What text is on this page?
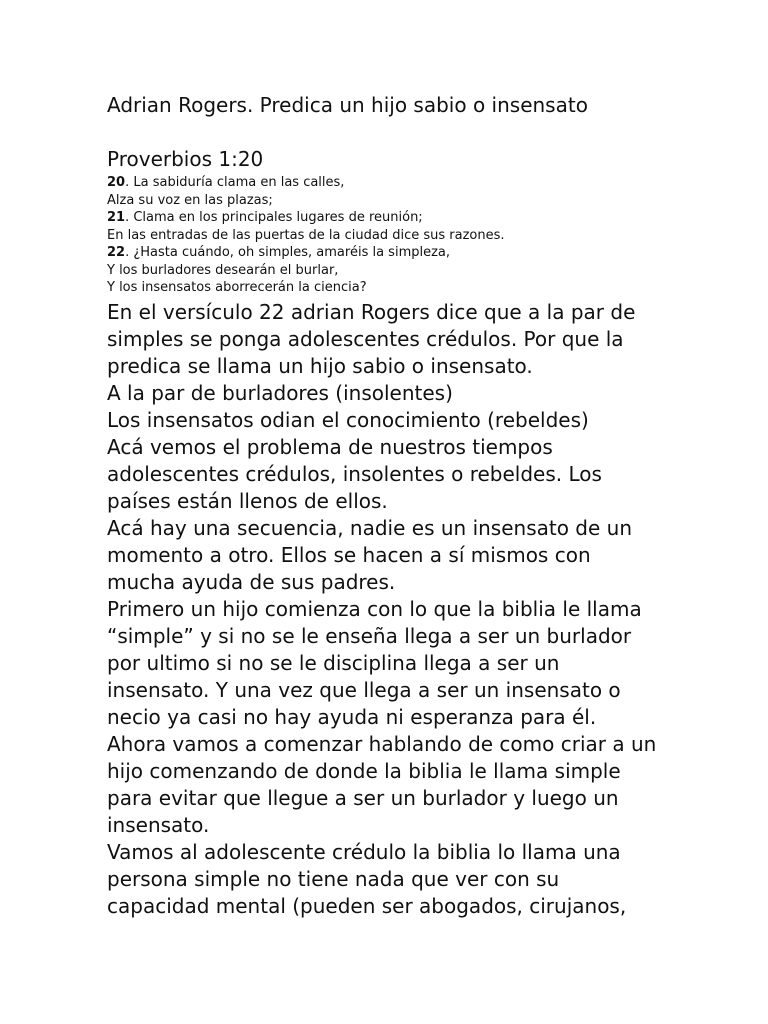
Adrian Rogers. Predica un hijo sabio o insensato
Proverbios 1:20
20. La sabiduría clama en las calles,
Alza su voz en las plazas;
21. Clama en los principales lugares de reunión;
En las entradas de las puertas de la ciudad dice sus razones.
22. ¿Hasta cuándo, oh simples, amaréis la simpleza,
Y los burladores desearán el burlar,
Y los insensatos aborrecerán la ciencia?
En el versículo 22 adrian Rogers dice que a la par de
simples se ponga adolescentes crédulos. Por que la
predica se llama un hijo sabio o insensato.
A la par de burladores (insolentes)
Los insensatos odian el conocimiento (rebeldes)
Acá vemos el problema de nuestros tiempos
adolescentes crédulos, insolentes o rebeldes. Los
países están llenos de ellos.
Acá hay una secuencia, nadie es un insensato de un
momento a otro. Ellos se hacen a sí mismos con
mucha ayuda de sus padres.
Primero un hijo comienza con lo que la biblia le llama
“simple” y si no se le enseña llega a ser un burlador
por ultimo si no se le disciplina llega a ser un
insensato. Y una vez que llega a ser un insensato o
necio ya casi no hay ayuda ni esperanza para él.
Ahora vamos a comenzar hablando de como criar a un
hijo comenzando de donde la biblia le llama simple
para evitar que llegue a ser un burlador y luego un
insensato.
Vamos al adolescente crédulo la biblia lo llama una
persona simple no tiene nada que ver con su
capacidad mental (pueden ser abogados, cirujanos,
